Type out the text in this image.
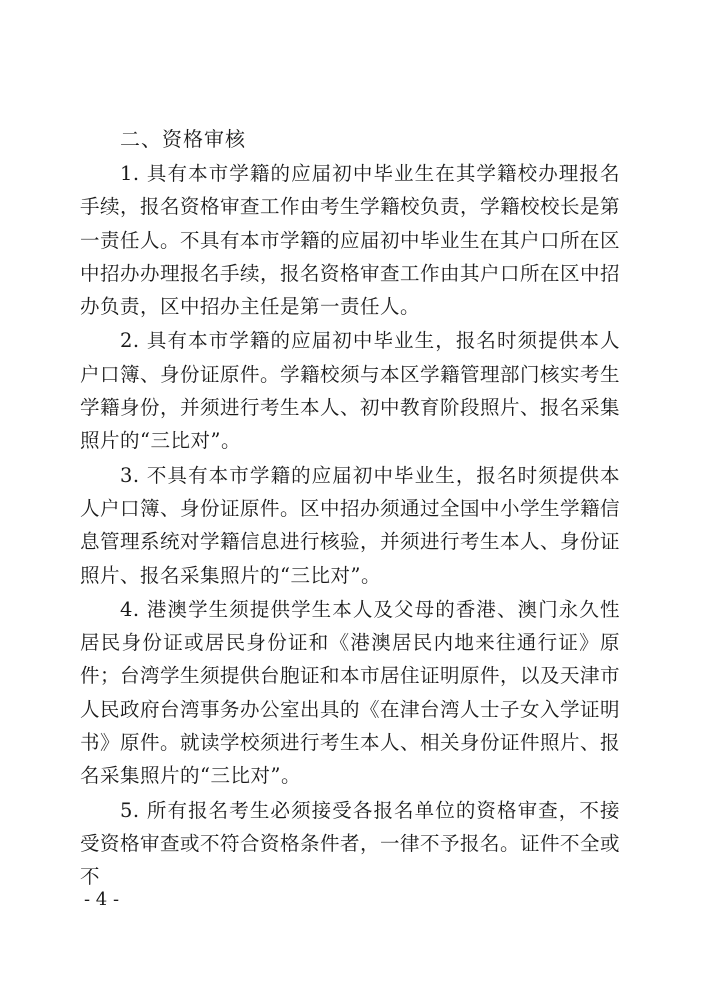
二、资格审核

1. 具有本市学籍的应届初中毕业生在其学籍校办理报名手续，报名资格审查工作由考生学籍校负责，学籍校校长是第一责任人。不具有本市学籍的应届初中毕业生在其户口所在区中招办办理报名手续，报名资格审查工作由其户口所在区中招办负责，区中招办主任是第一责任人。

2. 具有本市学籍的应届初中毕业生，报名时须提供本人户口簿、身份证原件。学籍校须与本区学籍管理部门核实考生学籍身份，并须进行考生本人、初中教育阶段照片、报名采集照片的“三比对”。

3. 不具有本市学籍的应届初中毕业生，报名时须提供本人户口簿、身份证原件。区中招办须通过全国中小学生学籍信息管理系统对学籍信息进行核验，并须进行考生本人、身份证照片、报名采集照片的“三比对”。

4. 港澳学生须提供学生本人及父母的香港、澳门永久性居民身份证或居民身份证和《港澳居民内地来往通行证》原件；台湾学生须提供台胞证和本市居住证明原件，以及天津市人民政府台湾事务办公室出具的《在津台湾人士子女入学证明书》原件。就读学校须进行考生本人、相关身份证件照片、报名采集照片的“三比对”。

5. 所有报名考生必须接受各报名单位的资格审查，不接受资格审查或不符合资格条件者，一律不予报名。证件不全或不

- 4 -
